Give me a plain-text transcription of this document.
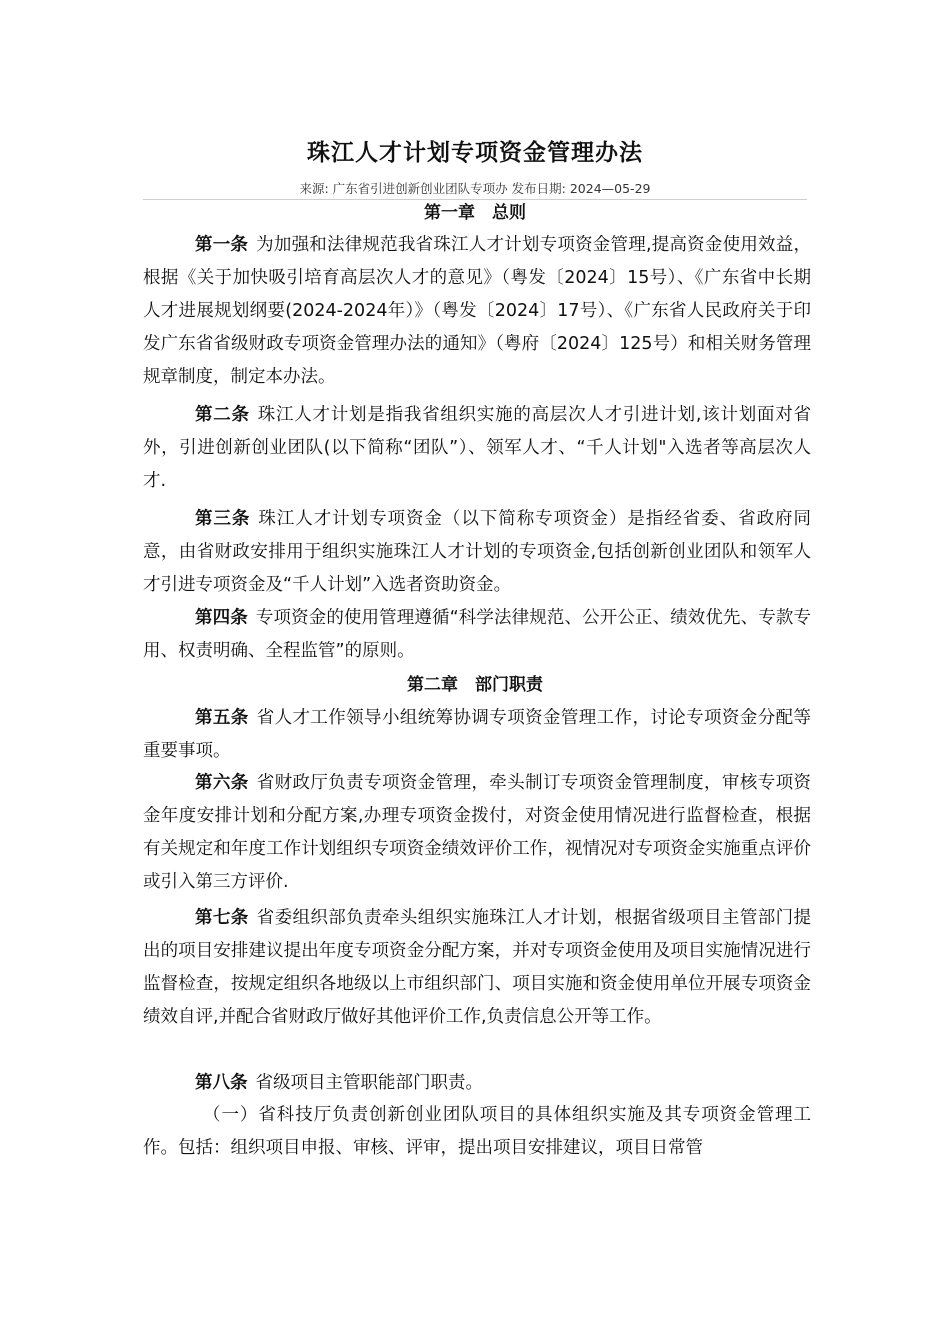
珠江人才计划专项资金管理办法

来源: 广东省引进创新创业团队专项办 发布日期: 2024—05-29

第一章　总则

第一条 为加强和法律规范我省珠江人才计划专项资金管理,提高资金使用效益，根据《关于加快吸引培育高层次人才的意见》（粤发〔2024〕15号）、《广东省中长期人才进展规划纲要(2024-2024年）》（粤发〔2024〕17号）、《广东省人民政府关于印发广东省省级财政专项资金管理办法的通知》（粤府〔2024〕125号）和相关财务管理规章制度，制定本办法。

第二条 珠江人才计划是指我省组织实施的高层次人才引进计划,该计划面对省外，引进创新创业团队(以下简称“团队”）、领军人才、“千人计划"入选者等高层次人才.

第三条 珠江人才计划专项资金（以下简称专项资金）是指经省委、省政府同意，由省财政安排用于组织实施珠江人才计划的专项资金,包括创新创业团队和领军人才引进专项资金及“千人计划”入选者资助资金。

第四条 专项资金的使用管理遵循“科学法律规范、公开公正、绩效优先、专款专用、权责明确、全程监管”的原则。

第二章　部门职责

第五条 省人才工作领导小组统筹协调专项资金管理工作，讨论专项资金分配等重要事项。

第六条 省财政厅负责专项资金管理，牵头制订专项资金管理制度，审核专项资金年度安排计划和分配方案,办理专项资金拨付，对资金使用情况进行监督检查，根据有关规定和年度工作计划组织专项资金绩效评价工作，视情况对专项资金实施重点评价或引入第三方评价.

第七条 省委组织部负责牵头组织实施珠江人才计划，根据省级项目主管部门提出的项目安排建议提出年度专项资金分配方案，并对专项资金使用及项目实施情况进行监督检查，按规定组织各地级以上市组织部门、项目实施和资金使用单位开展专项资金绩效自评,并配合省财政厅做好其他评价工作,负责信息公开等工作。

第八条 省级项目主管职能部门职责。

（一）省科技厅负责创新创业团队项目的具体组织实施及其专项资金管理工作。包括：组织项目申报、审核、评审，提出项目安排建议，项目日常管
